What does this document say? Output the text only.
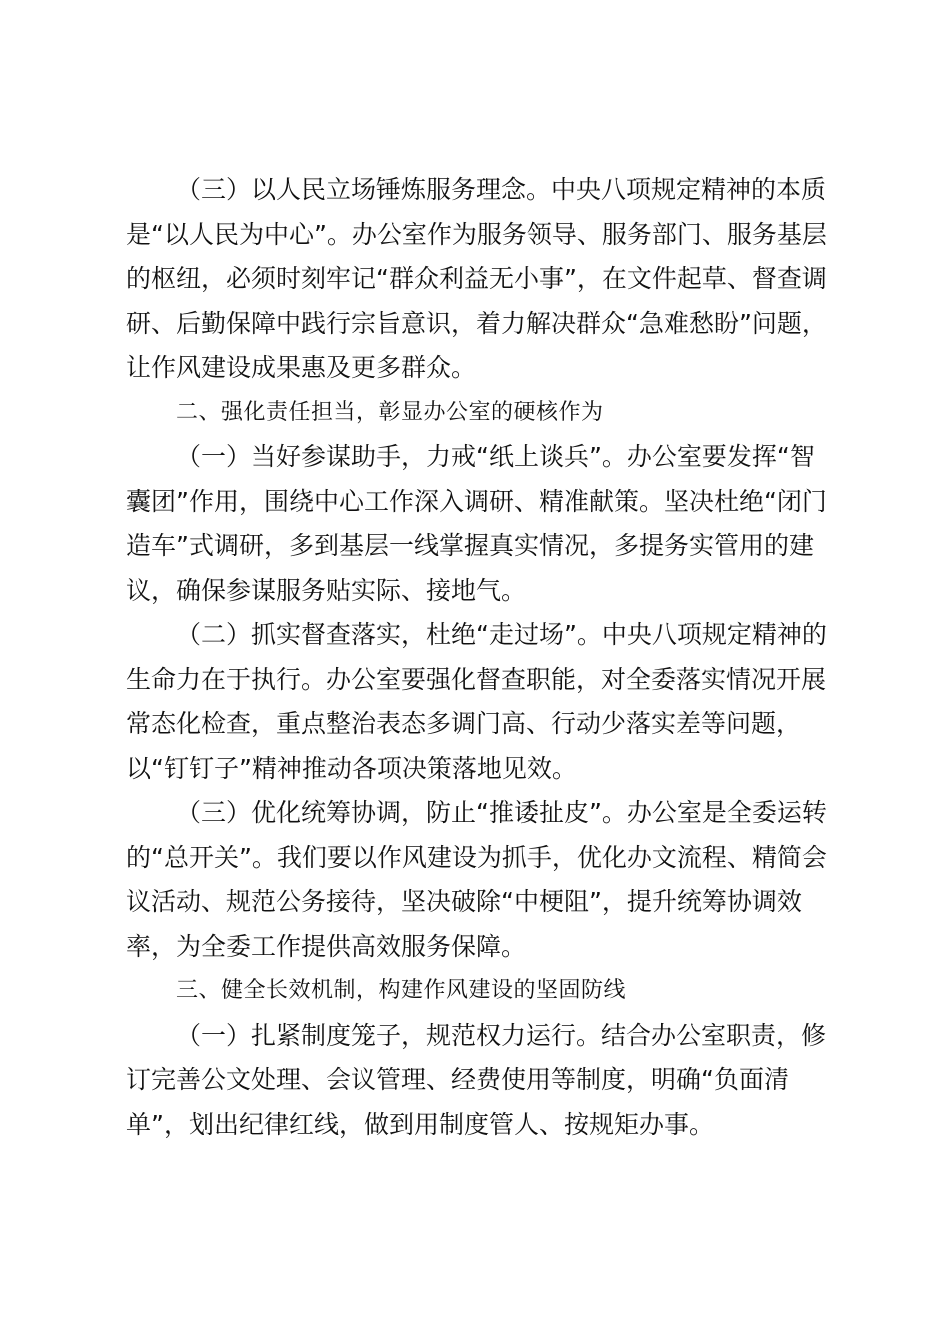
（三）以人民立场锤炼服务理念。中央八项规定精神的本质是“以人民为中心”。办公室作为服务领导、服务部门、服务基层的枢纽，必须时刻牢记“群众利益无小事”，在文件起草、督查调研、后勤保障中践行宗旨意识，着力解决群众“急难愁盼”问题，让作风建设成果惠及更多群众。

二、强化责任担当，彰显办公室的硬核作为

（一）当好参谋助手，力戒“纸上谈兵”。办公室要发挥“智囊团”作用，围绕中心工作深入调研、精准献策。坚决杜绝“闭门造车”式调研，多到基层一线掌握真实情况，多提务实管用的建议，确保参谋服务贴实际、接地气。

（二）抓实督查落实，杜绝“走过场”。中央八项规定精神的生命力在于执行。办公室要强化督查职能，对全委落实情况开展常态化检查，重点整治表态多调门高、行动少落实差等问题，以“钉钉子”精神推动各项决策落地见效。

（三）优化统筹协调，防止“推诿扯皮”。办公室是全委运转的“总开关”。我们要以作风建设为抓手，优化办文流程、精简会议活动、规范公务接待，坚决破除“中梗阻”，提升统筹协调效率，为全委工作提供高效服务保障。

三、健全长效机制，构建作风建设的坚固防线

（一）扎紧制度笼子，规范权力运行。结合办公室职责，修订完善公文处理、会议管理、经费使用等制度，明确“负面清单”，划出纪律红线，做到用制度管人、按规矩办事。
